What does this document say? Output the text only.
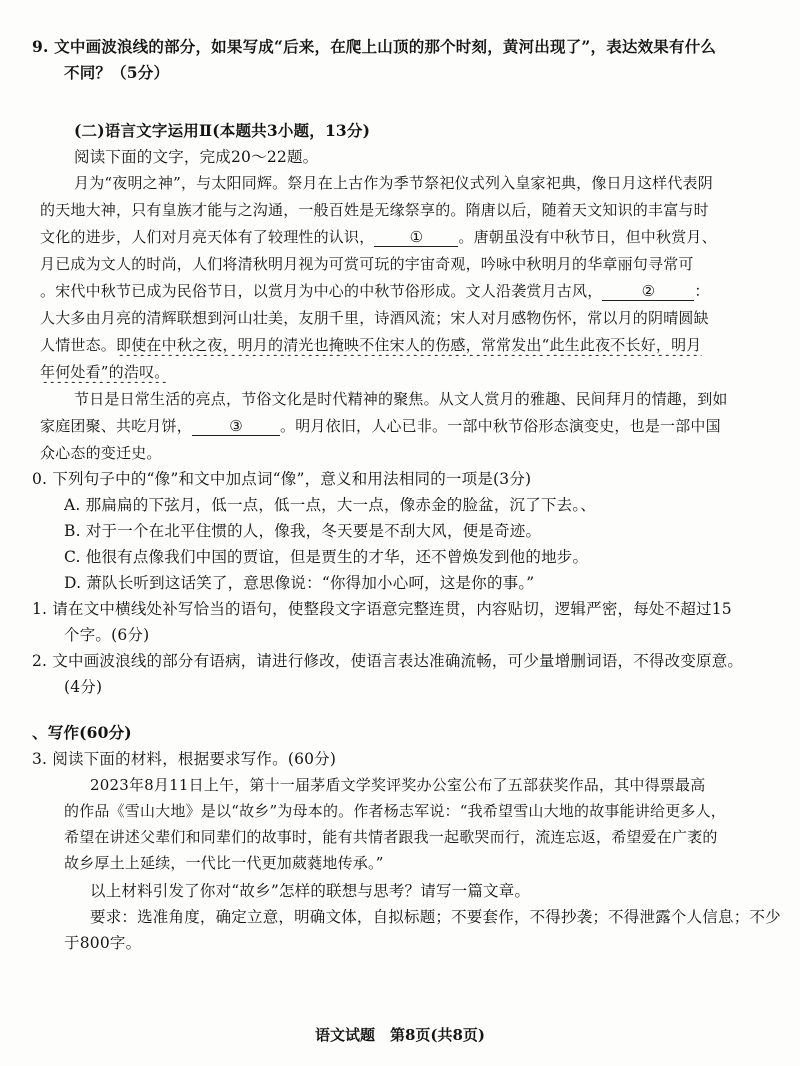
9. 文中画波浪线的部分，如果写成“后来，在爬上山顶的那个时刻，黄河出现了”，表达效果有什么
不同？（5分）
(二)语言文字运用Ⅱ(本题共3小题，13分)
阅读下面的文字，完成20～22题。
月为“夜明之神”，与太阳同辉。祭月在上古作为季节祭祀仪式列入皇家祀典，像日月这样代表阴
的天地大神，只有皇族才能与之沟通，一般百姓是无缘祭享的。隋唐以后，随着天文知识的丰富与时
文化的进步，人们对月亮天体有了较理性的认识， ① 。唐朝虽没有中秋节日，但中秋赏月、
月已成为文人的时尚，人们将清秋明月视为可赏可玩的宇宙奇观，吟咏中秋明月的华章丽句寻常可
。宋代中秋节已成为民俗节日，以赏月为中心的中秋节俗形成。文人沿袭赏月古风，	②	：
人大多由月亮的清辉联想到河山壮美，友朋千里，诗酒风流；宋人对月感物伤怀，常以月的阴晴圆缺
人情世态。即使在中秋之夜，明月的清光也掩映不住宋人的伤感，常常发出“此生此夜不长好，明月
年何处看”的浩叹。
节日是日常生活的亮点，节俗文化是时代精神的聚焦。从文人赏月的雅趣、民间拜月的情趣，到如
家庭团聚、共吃月饼， ③ 。明月依旧，人心已非。一部中秋节俗形态演变史，也是一部中国
众心态的变迁史。
0. 下列句子中的“像”和文中加点词“像”，意义和用法相同的一项是(3分)
A. 那扁扁的下弦月，低一点，低一点，大一点，像赤金的脸盆，沉了下去。、
B. 对于一个在北平住惯的人，像我，冬天要是不刮大风，便是奇迹。
C. 他很有点像我们中国的贾谊，但是贾生的才华，还不曾焕发到他的地步。
D. 萧队长听到这话笑了，意思像说：“你得加小心呵，这是你的事。”
1. 请在文中横线处补写恰当的语句，使整段文字语意完整连贯，内容贴切，逻辑严密，每处不超过15
个字。(6分)
2. 文中画波浪线的部分有语病，请进行修改，使语言表达准确流畅，可少量增删词语，不得改变原意。
(4分)
、写作(60分)
3. 阅读下面的材料，根据要求写作。(60分)
2023年8月11日上午，第十一届茅盾文学奖评奖办公室公布了五部获奖作品，其中得票最高
的作品《雪山大地》是以“故乡”为母本的。作者杨志军说：“我希望雪山大地的故事能讲给更多人，
希望在讲述父辈们和同辈们的故事时，能有共情者跟我一起歌哭而行，流连忘返，希望爱在广袤的
故乡厚土上延续，一代比一代更加葳蕤地传承。”
以上材料引发了你对“故乡”怎样的联想与思考？请写一篇文章。
要求：选准角度，确定立意，明确文体，自拟标题；不要套作，不得抄袭；不得泄露个人信息；不少
于800字。
语文试题　第8页(共8页)
